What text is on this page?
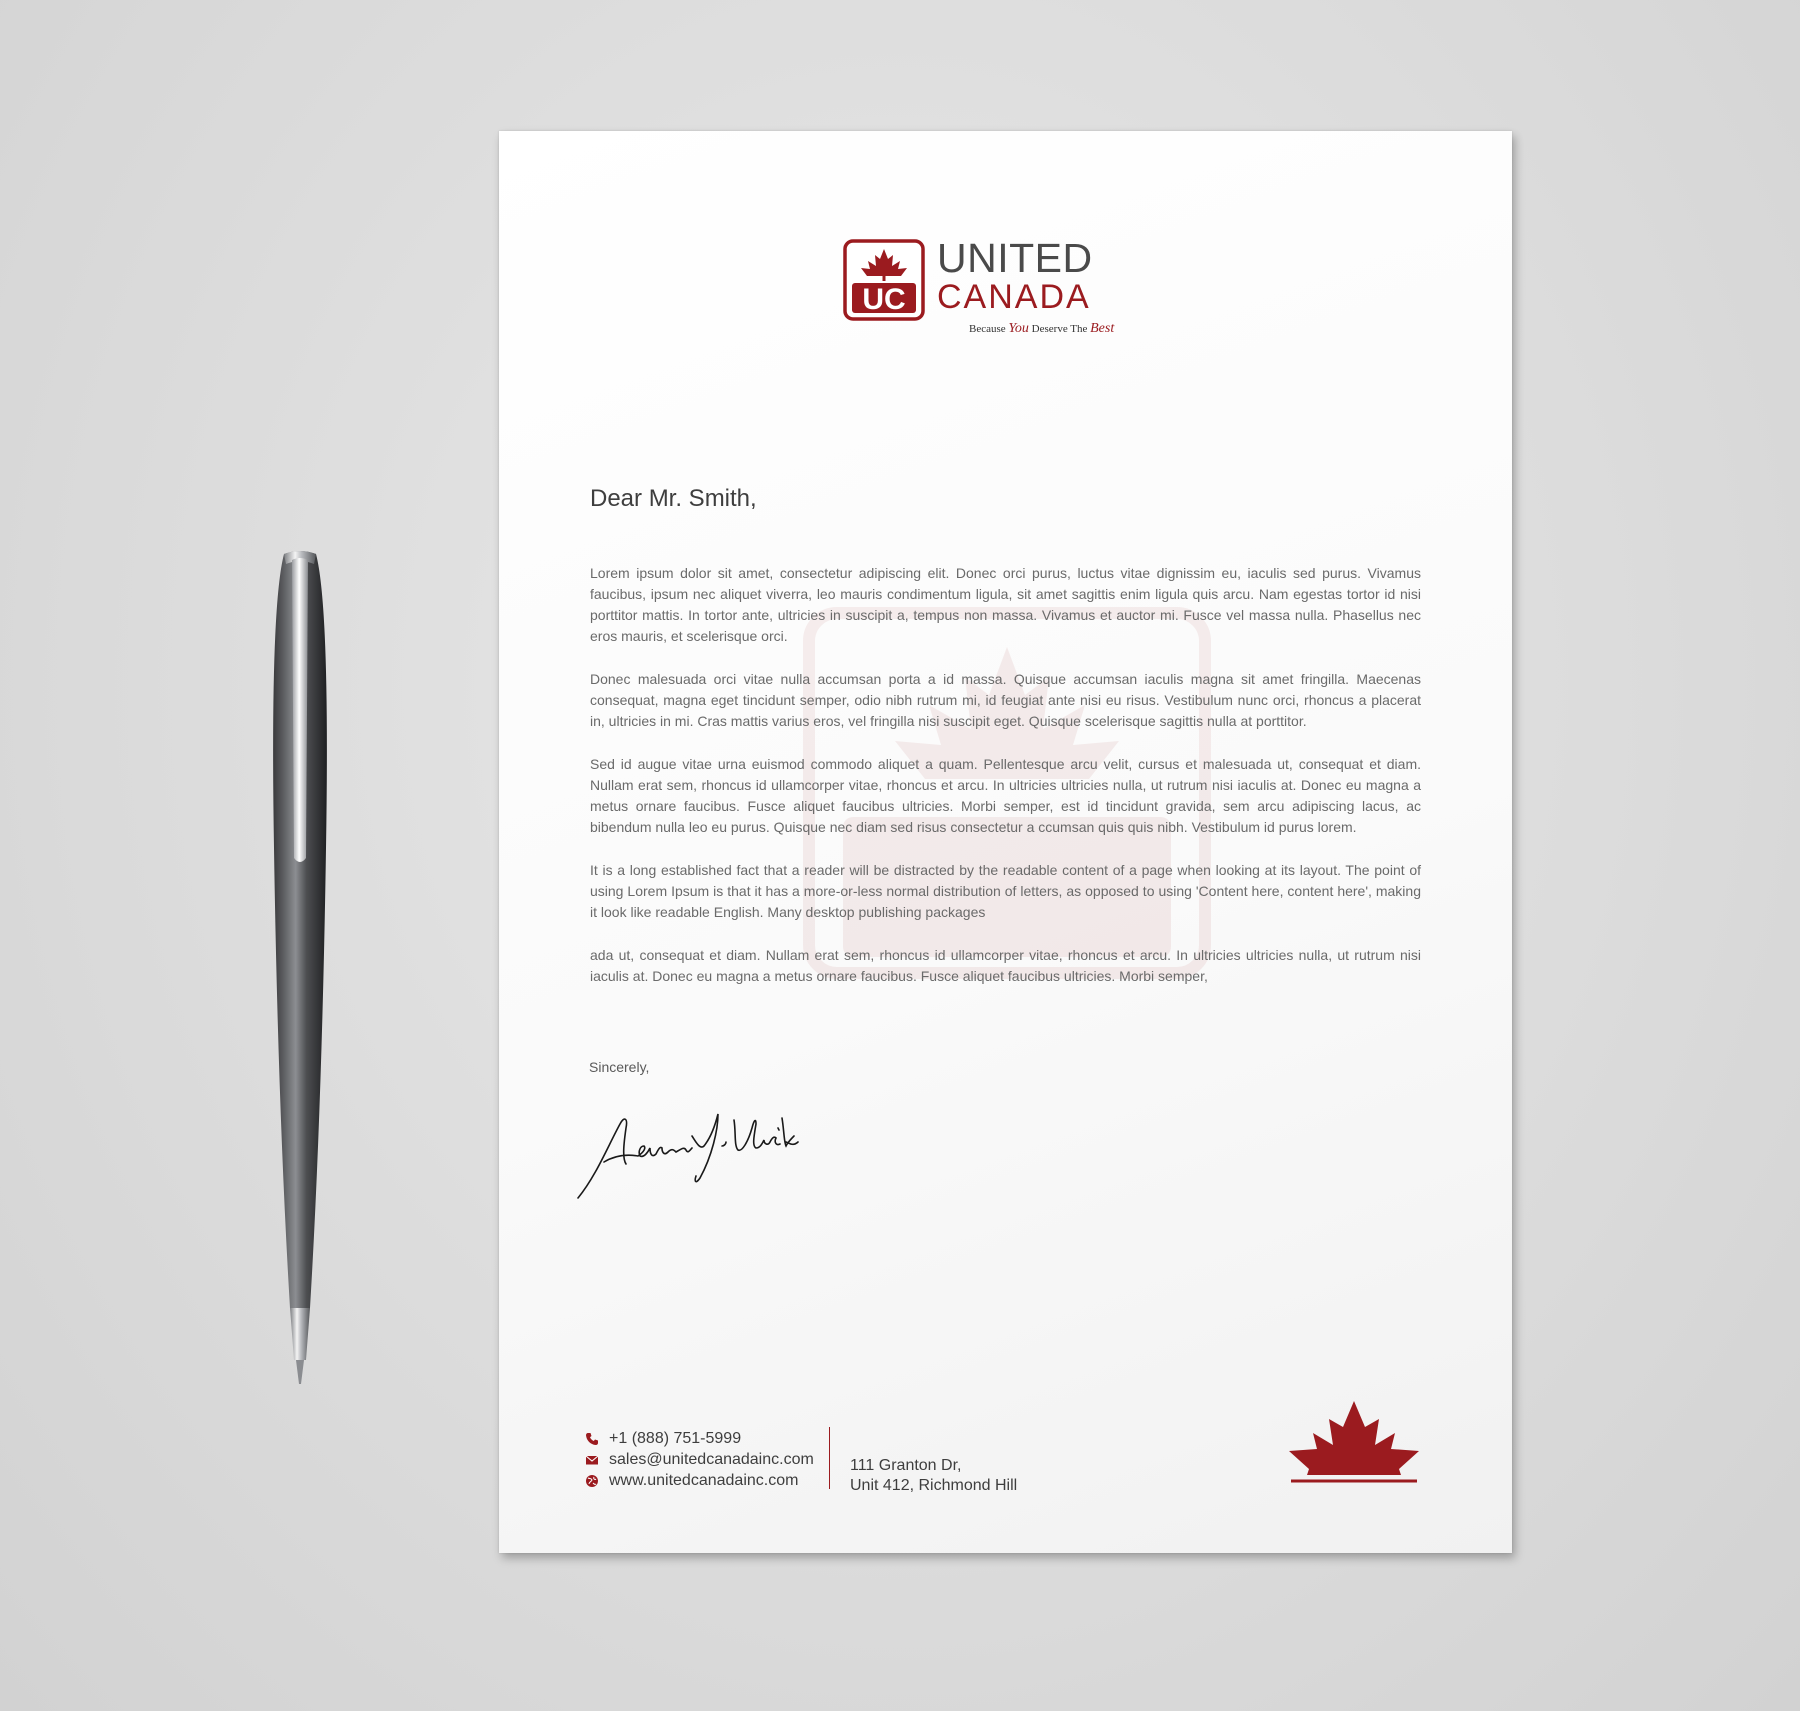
UC
UNITED
CANADA
Because You Deserve The Best
Dear Mr. Smith,

Lorem ipsum dolor sit amet, consectetur adipiscing elit. Donec orci purus, luctus vitae dignissim eu, iaculis sed purus. Vivamus faucibus, ipsum nec aliquet viverra, leo mauris condimentum ligula, sit amet sagittis enim ligula quis arcu. Nam egestas tortor id nisi porttitor mattis. In tortor ante, ultricies in suscipit a, tempus non massa. Vivamus et auctor mi. Fusce vel massa nulla. Phasellus nec eros mauris, et scelerisque orci.

Donec malesuada orci vitae nulla accumsan porta a id massa. Quisque accumsan iaculis magna sit amet fringilla. Maecenas consequat, magna eget tincidunt semper, odio nibh rutrum mi, id feugiat ante nisi eu risus. Vestibulum nunc orci, rhoncus a placerat in, ultricies in mi. Cras mattis varius eros, vel fringilla nisi suscipit eget. Quisque scelerisque sagittis nulla at porttitor.

Sed id augue vitae urna euismod commodo aliquet a quam. Pellentesque arcu velit, cursus et malesuada ut, consequat et diam. Nullam erat sem, rhoncus id ullamcorper vitae, rhoncus et arcu. In ultricies ultricies nulla, ut rutrum nisi iaculis at. Donec eu magna a metus ornare faucibus. Fusce aliquet faucibus ultricies. Morbi semper, est id tincidunt gravida, sem arcu adipiscing lacus, ac bibendum nulla leo eu purus. Quisque nec diam sed risus consectetur a ccumsan quis quis nibh. Vestibulum id purus lorem.

It is a long established fact that a reader will be distracted by the readable content of a page when looking at its layout. The point of using Lorem Ipsum is that it has a more-or-less normal distribution of letters, as opposed to using 'Content here, content here', making it look like readable English. Many desktop publishing packages

ada ut, consequat et diam. Nullam erat sem, rhoncus id ullamcorper vitae, rhoncus et arcu. In ultricies ultricies nulla, ut rutrum nisi iaculis at. Donec eu magna a metus ornare faucibus. Fusce aliquet faucibus ultricies. Morbi semper,

Sincerely,
+1 (888) 751-5999
sales@unitedcanadainc.com
www.unitedcanadainc.com
111 Granton Dr,
Unit 412, Richmond Hill
